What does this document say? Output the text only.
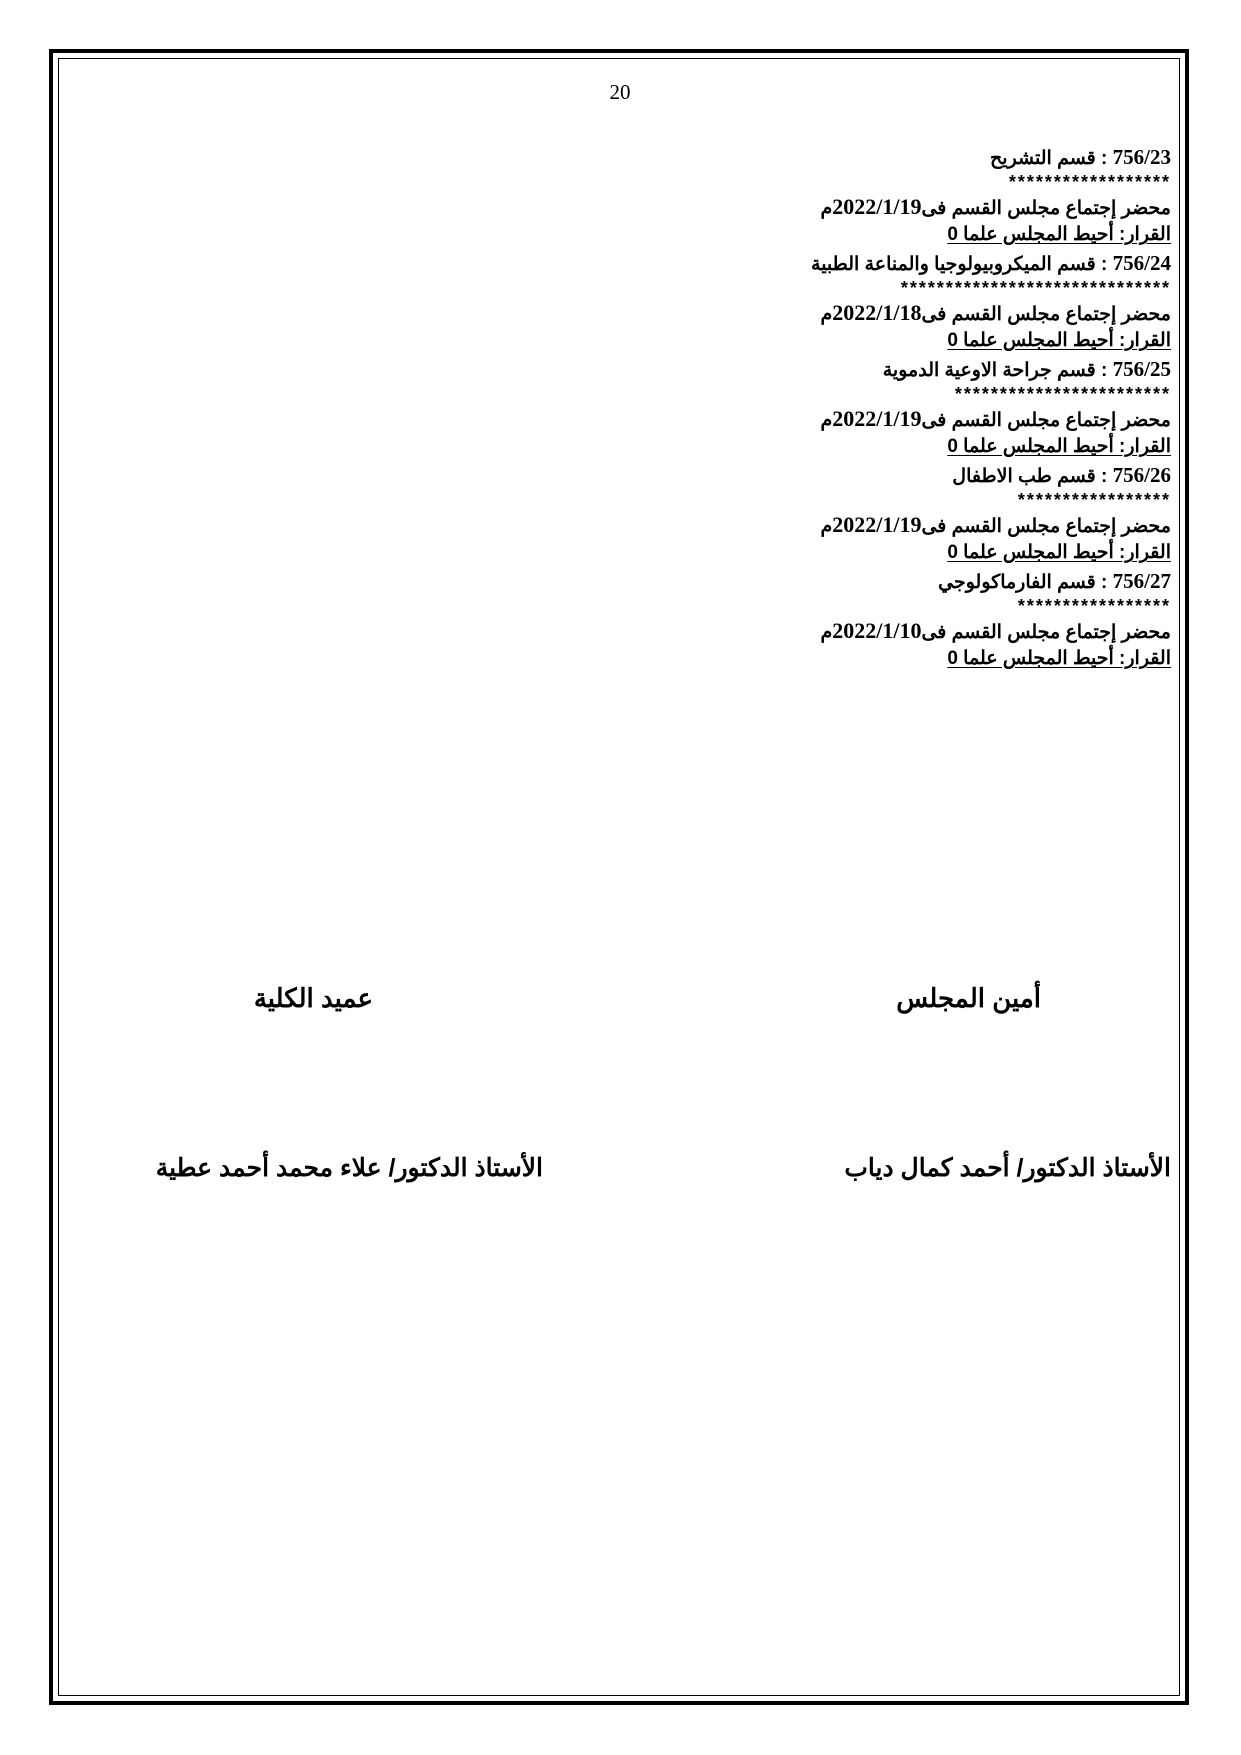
20
756/23 : قسم التشريح
******************
محضر إجتماع مجلس القسم فى2022/1/19م
القرار: أحيط المجلس علما 0
756/24 : قسم الميكروبيولوجيا والمناعة الطبية
******************************
محضر إجتماع مجلس القسم فى2022/1/18م
القرار: أحيط المجلس علما 0
756/25 : قسم جراحة الاوعية الدموية
************************
محضر إجتماع مجلس القسم فى2022/1/19م
القرار: أحيط المجلس علما 0
756/26 : قسم طب الاطفال
*****************
محضر إجتماع مجلس القسم فى2022/1/19م
القرار: أحيط المجلس علما 0
756/27 : قسم الفارماكولوجي
*****************
محضر إجتماع مجلس القسم فى2022/1/10م
القرار: أحيط المجلس علما 0
أمين المجلس
عميد الكلية
الأستاذ الدكتور/ أحمد كمال دياب
الأستاذ الدكتور/ علاء محمد أحمد عطية
